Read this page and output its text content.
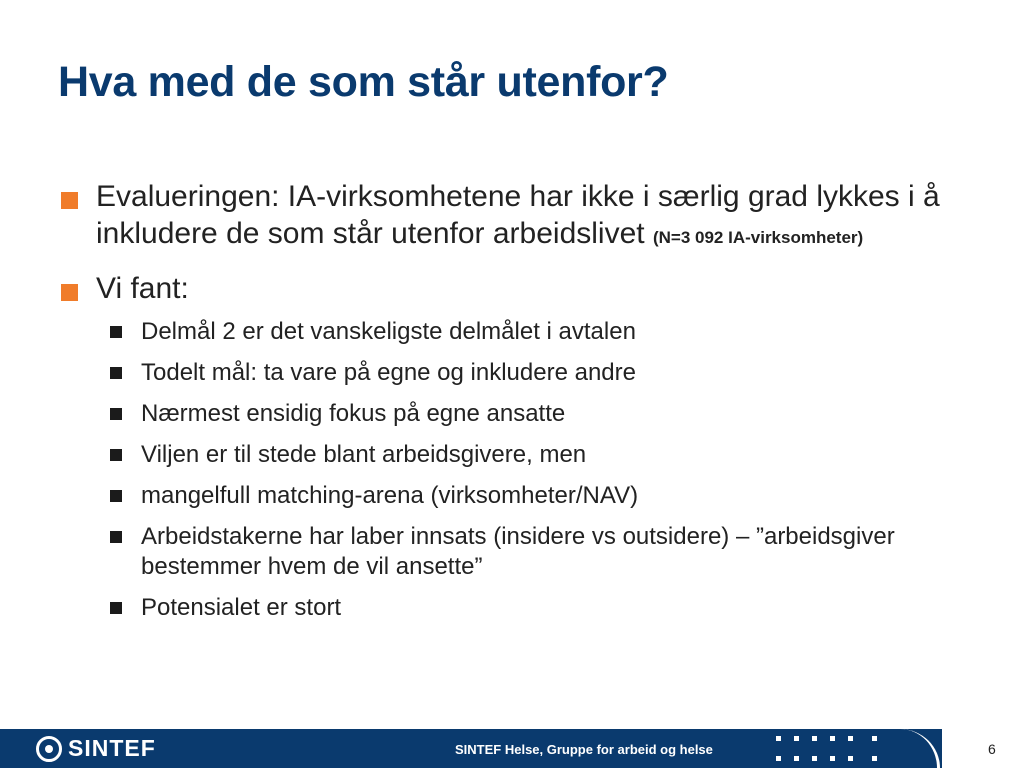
Hva med de som står utenfor?
Evalueringen: IA-virksomhetene har ikke i særlig grad lykkes i å inkludere de som står utenfor arbeidslivet (N=3 092 IA-virksomheter)
Vi fant:
Delmål 2 er det vanskeligste delmålet i avtalen
Todelt mål: ta vare på egne og inkludere andre
Nærmest ensidig fokus på egne ansatte
Viljen er til stede blant arbeidsgivere, men
mangelfull matching-arena (virksomheter/NAV)
Arbeidstakerne har laber innsats (insidere vs outsidere) – ”arbeidsgiver bestemmer hvem de vil ansette”
Potensialet er stort
SINTEF	SINTEF Helse, Gruppe for arbeid og helse	6
